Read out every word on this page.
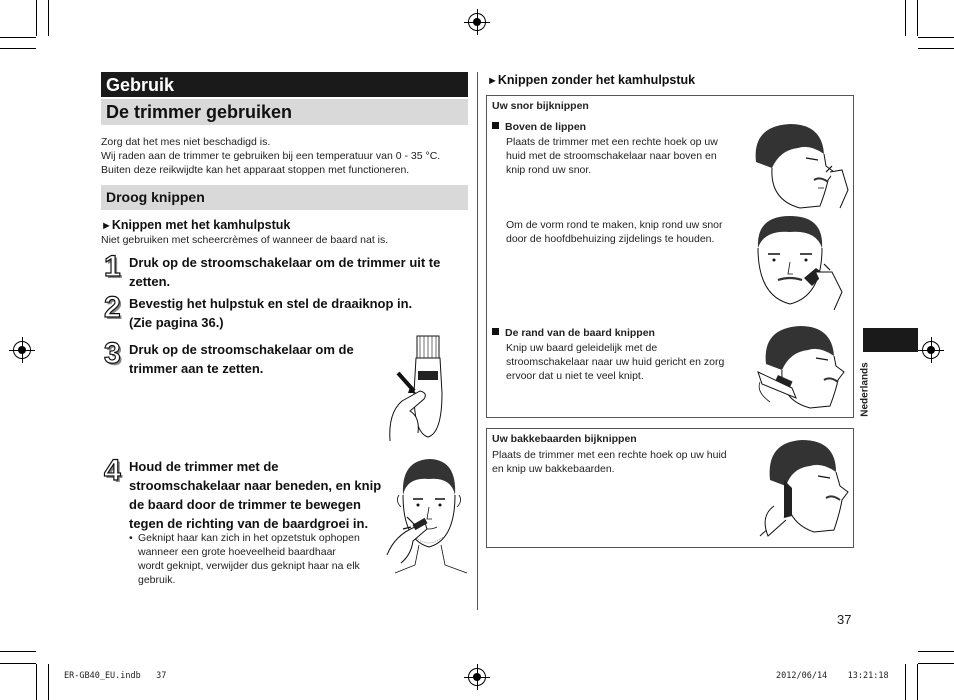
Gebruik
De trimmer gebruiken
Zorg dat het mes niet beschadigd is.
Wij raden aan de trimmer te gebruiken bij een temperatuur van 0 - 35 °C.
Buiten deze reikwijdte kan het apparaat stoppen met functioneren.
Droog knippen
►Knippen met het kamhulpstuk
Niet gebruiken met scheercrèmes of wanneer de baard nat is.
1 Druk op de stroomschakelaar om de trimmer uit te
zetten.
2 Bevestig het hulpstuk en stel de draaiknop in.
(Zie pagina 36.)
3 Druk op de stroomschakelaar om de
trimmer aan te zetten.
4 Houd de trimmer met de
stroomschakelaar naar beneden, en knip
de baard door de trimmer te bewegen
tegen de richting van de baardgroei in.
• Geknipt haar kan zich in het opzetstuk ophopen
wanneer een grote hoeveelheid baardhaar
wordt geknipt, verwijder dus geknipt haar na elk
gebruik.
►Knippen zonder het kamhulpstuk
Uw snor bijknippen
Boven de lippen
Plaats de trimmer met een rechte hoek op uw
huid met de stroomschakelaar naar boven en
knip rond uw snor.
Om de vorm rond te maken, knip rond uw snor
door de hoofdbehuizing zijdelings te houden.
De rand van de baard knippen
Knip uw baard geleidelijk met de
stroomschakelaar naar uw huid gericht en zorg
ervoor dat u niet te veel knipt.
Uw bakkebaarden bijknippen
Plaats de trimmer met een rechte hoek op uw huid
en knip uw bakkebaarden.
Nederlands
37
ER-GB40_EU.indb   37	2012/06/14    13:21:18
